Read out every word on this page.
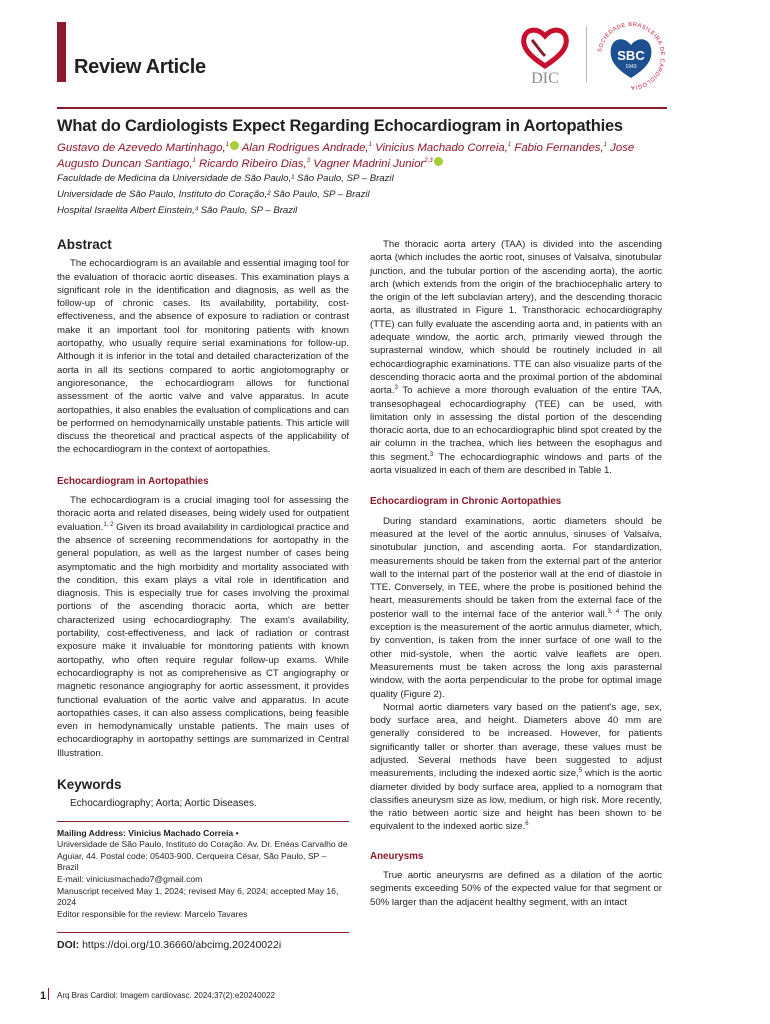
Review Article
DIC
SOCIEDADE BRASILEIRA DE CARDIOLOGIA
SBC
1943
What do Cardiologists Expect Regarding Echocardiogram in Aortopathies
Gustavo de Azevedo Martinhago,$^1$ Alan Rodrigues Andrade,$^1$ Vinicius Machado Correia,$^1$ Fabio Fernandes,$^1$ Jose Augusto Duncan Santiago,$^1$ Ricardo Ribeiro Dias,$^3$ Vagner Madrini Junior$^{2,3}$
Faculdade de Medicina da Universidade de São Paulo,¹ São Paulo, SP – Brazil
Universidade de São Paulo, Instituto do Coração,² São Paulo, SP – Brazil
Hospital Israelita Albert Einstein,³ São Paulo, SP – Brazil
Abstract

The echocardiogram is an available and essential imaging tool for the evaluation of thoracic aortic diseases. This examination plays a significant role in the identification and diagnosis, as well as the follow-up of chronic cases. Its availability, portability, cost-effectiveness, and the absence of exposure to radiation or contrast make it an important tool for monitoring patients with known aortopathy, who usually require serial examinations for follow-up. Although it is inferior in the total and detailed characterization of the aorta in all its sections compared to aortic angiotomography or angioresonance, the echocardiogram allows for functional assessment of the aortic valve and valve apparatus. In acute aortopathies, it also enables the evaluation of complications and can be performed on hemodynamically unstable patients. This article will discuss the theoretical and practical aspects of the applicability of the echocardiogram in the context of aortopathies.

Echocardiogram in Aortopathies

The echocardiogram is a crucial imaging tool for assessing the thoracic aorta and related diseases, being widely used for outpatient evaluation.$^{1, 2}$ Given its broad availability in cardiological practice and the absence of screening recommendations for aortopathy in the general population, as well as the largest number of cases being asymptomatic and the high morbidity and mortality associated with the condition, this exam plays a vital role in identification and diagnosis. This is especially true for cases involving the proximal portions of the ascending thoracic aorta, which are better characterized using echocardiography. The exam's availability, portability, cost-effectiveness, and lack of radiation or contrast exposure make it invaluable for monitoring patients with known aortopathy, who often require regular follow-up exams. While echocardiography is not as comprehensive as CT angiography or magnetic resonance angiography for aortic assessment, it provides functional evaluation of the aortic valve and apparatus. In acute aortopathies cases, it can also assess complications, being feasible even in hemodynamically unstable patients. The main uses of echocardiography in aortopathy settings are summarized in Central Illustration.

Keywords
Echocardiography; Aorta; Aortic Diseases.
Mailing Address: Vinicius Machado Correia •
Universidade de São Paulo, Instituto do Coração. Av. Dr. Enéas Carvalho de Aguiar, 44. Postal code: 05403-900. Cerqueira César, São Paulo, SP – Brazil
E-mail: viniciusmachado7@gmail.com
Manuscript received May 1, 2024; revised May 6, 2024; accepted May 16, 2024
Editor responsible for the review: Marcelo Tavares
DOI: https://doi.org/10.36660/abcimg.20240022i

The thoracic aorta artery (TAA) is divided into the ascending aorta (which includes the aortic root, sinuses of Valsalva, sinotubular junction, and the tubular portion of the ascending aorta), the aortic arch (which extends from the origin of the brachiocephalic artery to the origin of the left subclavian artery), and the descending thoracic aorta, as illustrated in Figure 1. Transthoracic echocardiography (TTE) can fully evaluate the ascending aorta and, in patients with an adequate window, the aortic arch, primarily viewed through the suprasternal window, which should be routinely included in all echocardiographic examinations. TTE can also visualize parts of the descending thoracic aorta and the proximal portion of the abdominal aorta.$^3$ To achieve a more thorough evaluation of the entire TAA, transesophageal echocardiography (TEE) can be used, with limitation only in assessing the distal portion of the descending thoracic aorta, due to an echocardiographic blind spot created by the air column in the trachea, which lies between the esophagus and this segment.$^3$ The echocardiographic windows and parts of the aorta visualized in each of them are described in Table 1.

Echocardiogram in Chronic Aortopathies

During standard examinations, aortic diameters should be measured at the level of the aortic annulus, sinuses of Valsalva, sinotubular junction, and ascending aorta. For standardization, measurements should be taken from the external part of the anterior wall to the internal part of the posterior wall at the end of diastole in TTE. Conversely, in TEE, where the probe is positioned behind the heart, measurements should be taken from the external face of the posterior wall to the internal face of the anterior wall.$^{3, 4}$ The only exception is the measurement of the aortic annulus diameter, which, by convention, is taken from the inner surface of one wall to the other mid-systole, when the aortic valve leaflets are open. Measurements must be taken across the long axis parasternal window, with the aorta perpendicular to the probe for optimal image quality (Figure 2).

Normal aortic diameters vary based on the patient's age, sex, body surface area, and height. Diameters above 40 mm are generally considered to be increased. However, for patients significantly taller or shorter than average, these values must be adjusted. Several methods have been suggested to adjust measurements, including the indexed aortic size,$^5$ which is the aortic diameter divided by body surface area, applied to a nomogram that classifies aneurysm size as low, medium, or high risk. More recently, the ratio between aortic size and height has been shown to be equivalent to the indexed aortic size.$^6$

Aneurysms

True aortic aneurysms are defined as a dilation of the aortic segments exceeding 50% of the expected value for that segment or 50% larger than the adjacent healthy segment, with an intact

1 Arq Bras Cardiol: Imagem cardiovasc. 2024;37(2):e20240022
